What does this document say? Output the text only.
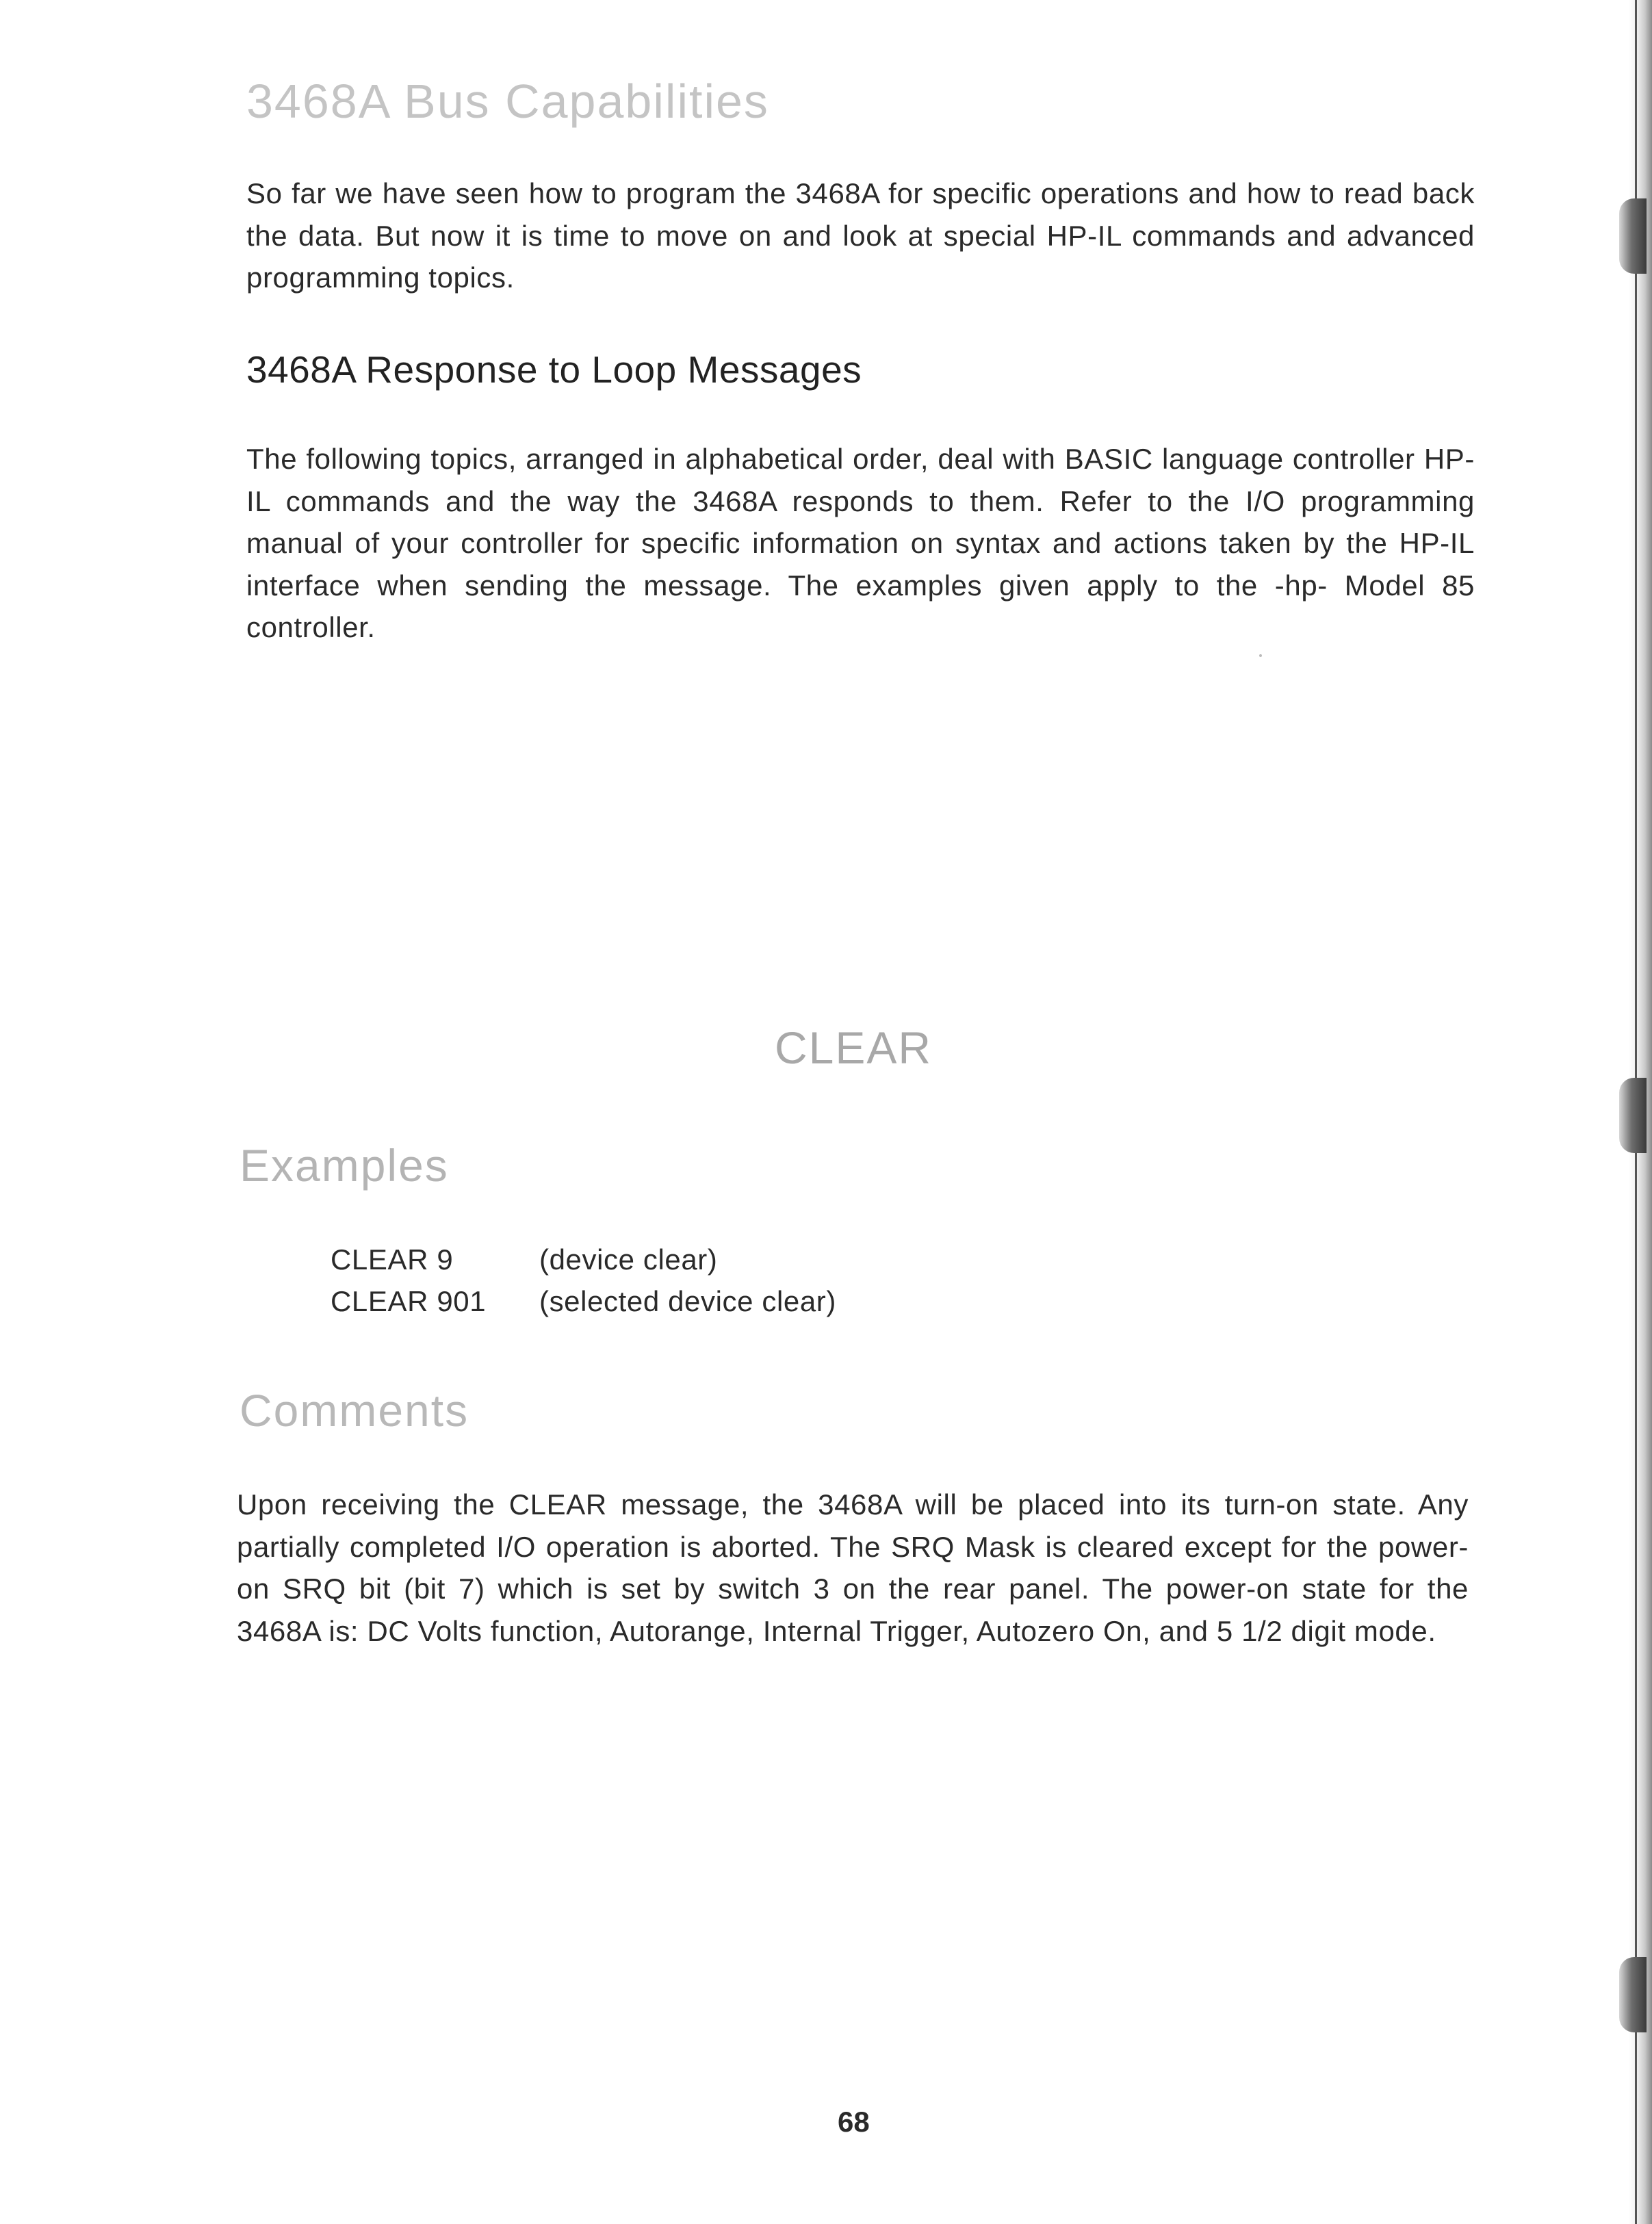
3468A Bus Capabilities

So far we have seen how to program the 3468A for specific operations and how to read back the data. But now it is time to move on and look at special HP-IL commands and advanced programming topics.

3468A Response to Loop Messages

The following topics, arranged in alphabetical order, deal with BASIC language controller HP-IL commands and the way the 3468A responds to them. Refer to the I/O programming manual of your controller for specific information on syntax and actions taken by the HP-IL interface when sending the message. The examples given apply to the -hp- Model 85 controller.

CLEAR
Examples
CLEAR 9	(device clear)
CLEAR 901	(selected device clear)
Comments

Upon receiving the CLEAR message, the 3468A will be placed into its turn-on state. Any partially completed I/O operation is aborted. The SRQ Mask is cleared except for the power-on SRQ bit (bit 7) which is set by switch 3 on the rear panel. The power-on state for the 3468A is: DC Volts function, Autorange, Internal Trigger, Autozero On, and 5 1/2 digit mode.

68
